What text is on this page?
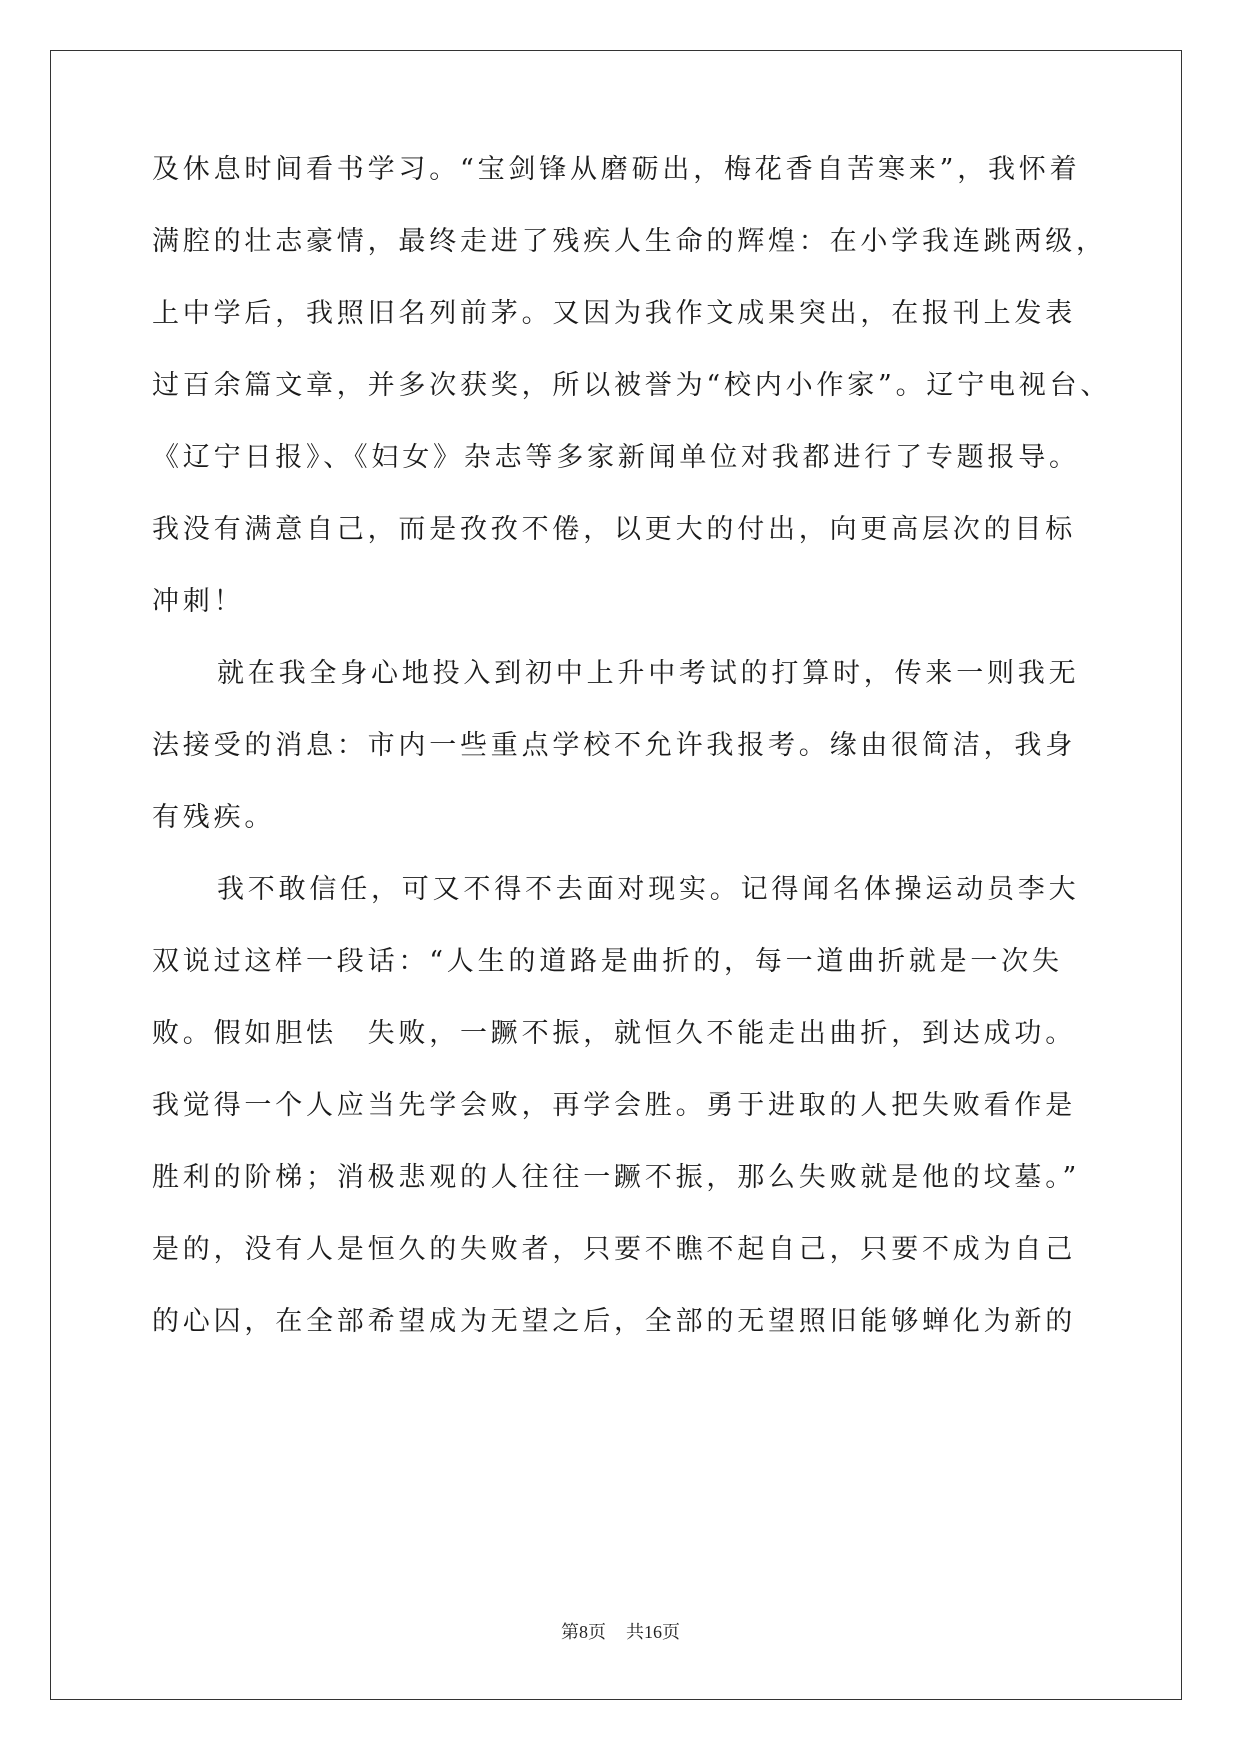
及休息时间看书学习。“宝剑锋从磨砺出，梅花香自苦寒来”，我怀着
满腔的壮志豪情，最终走进了残疾人生命的辉煌：在小学我连跳两级，
上中学后，我照旧名列前茅。又因为我作文成果突出，在报刊上发表
过百余篇文章，并多次获奖，所以被誉为“校内小作家”。辽宁电视台、
《辽宁日报》、《妇女》杂志等多家新闻单位对我都进行了专题报导。
我没有满意自己，而是孜孜不倦，以更大的付出，向更高层次的目标
冲刺！
就在我全身心地投入到初中上升中考试的打算时，传来一则我无
法接受的消息：市内一些重点学校不允许我报考。缘由很简洁，我身
有残疾。
我不敢信任，可又不得不去面对现实。记得闻名体操运动员李大
双说过这样一段话：“人生的道路是曲折的，每一道曲折就是一次失
败。假如胆怯　失败，一蹶不振，就恒久不能走出曲折，到达成功。
我觉得一个人应当先学会败，再学会胜。勇于进取的人把失败看作是
胜利的阶梯；消极悲观的人往往一蹶不振，那么失败就是他的坟墓。”
是的，没有人是恒久的失败者，只要不瞧不起自己，只要不成为自己
的心囚，在全部希望成为无望之后，全部的无望照旧能够蝉化为新的
第8页 共16页
